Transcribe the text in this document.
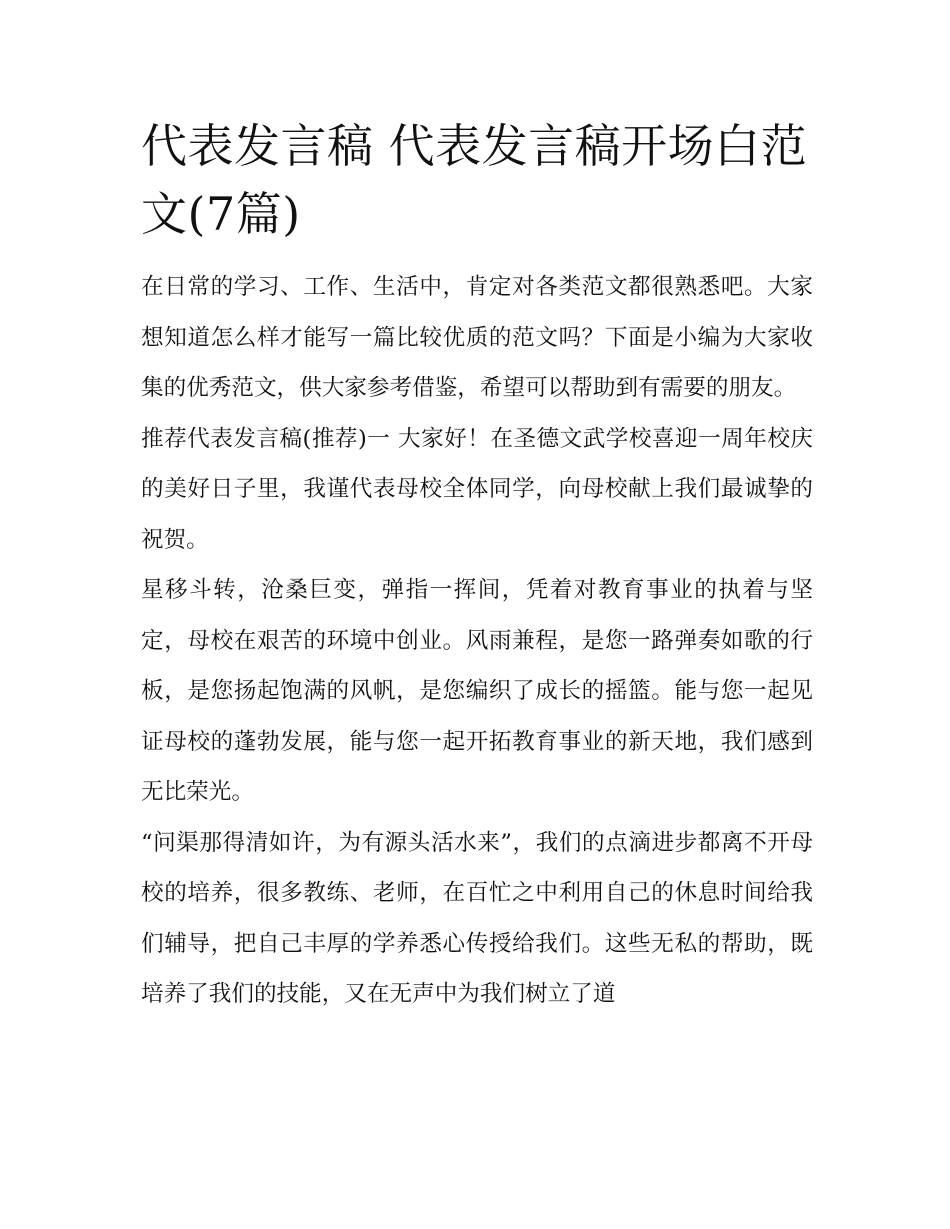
代表发言稿 代表发言稿开场白范文(7篇)

在日常的学习、工作、生活中，肯定对各类范文都很熟悉吧。大家想知道怎么样才能写一篇比较优质的范文吗？下面是小编为大家收集的优秀范文，供大家参考借鉴，希望可以帮助到有需要的朋友。

推荐代表发言稿(推荐)一 大家好！在圣德文武学校喜迎一周年校庆的美好日子里，我谨代表母校全体同学，向母校献上我们最诚挚的祝贺。

星移斗转，沧桑巨变，弹指一挥间，凭着对教育事业的执着与坚定，母校在艰苦的环境中创业。风雨兼程，是您一路弹奏如歌的行板，是您扬起饱满的风帆，是您编织了成长的摇篮。能与您一起见证母校的蓬勃发展，能与您一起开拓教育事业的新天地，我们感到无比荣光。

“问渠那得清如许，为有源头活水来”，我们的点滴进步都离不开母校的培养，很多教练、老师，在百忙之中利用自己的休息时间给我们辅导，把自己丰厚的学养悉心传授给我们。这些无私的帮助，既培养了我们的技能，又在无声中为我们树立了道
